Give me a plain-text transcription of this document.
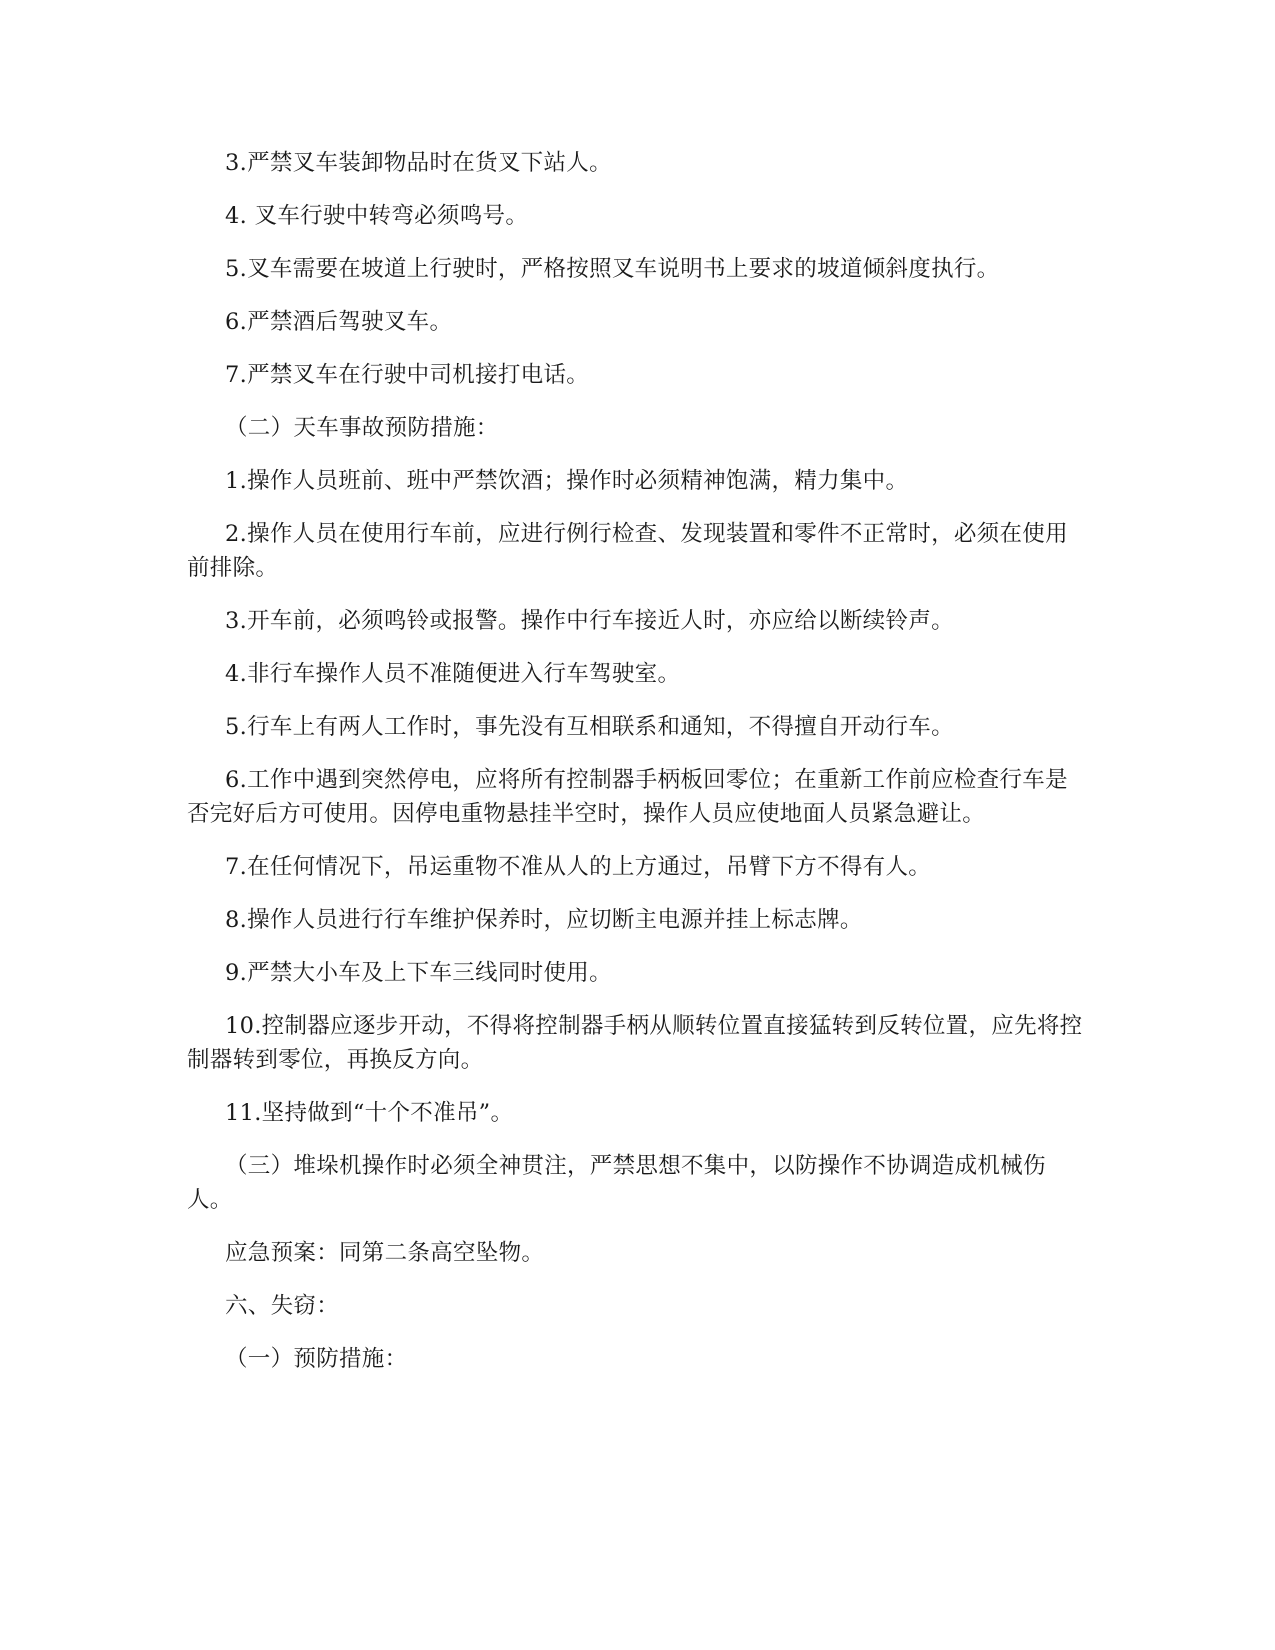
3.严禁叉车装卸物品时在货叉下站人。

4. 叉车行驶中转弯必须鸣号。

5.叉车需要在坡道上行驶时，严格按照叉车说明书上要求的坡道倾斜度执行。

6.严禁酒后驾驶叉车。

7.严禁叉车在行驶中司机接打电话。

（二）天车事故预防措施：

1.操作人员班前、班中严禁饮酒；操作时必须精神饱满，精力集中。

2.操作人员在使用行车前，应进行例行检查、发现装置和零件不正常时，必须在使用前排除。

3.开车前，必须鸣铃或报警。操作中行车接近人时，亦应给以断续铃声。

4.非行车操作人员不准随便进入行车驾驶室。

5.行车上有两人工作时，事先没有互相联系和通知，不得擅自开动行车。

6.工作中遇到突然停电，应将所有控制器手柄板回零位；在重新工作前应检查行车是否完好后方可使用。因停电重物悬挂半空时，操作人员应使地面人员紧急避让。

7.在任何情况下，吊运重物不准从人的上方通过，吊臂下方不得有人。

8.操作人员进行行车维护保养时，应切断主电源并挂上标志牌。

9.严禁大小车及上下车三线同时使用。

10.控制器应逐步开动，不得将控制器手柄从顺转位置直接猛转到反转位置，应先将控制器转到零位，再换反方向。

11.坚持做到“十个不准吊”。

（三）堆垛机操作时必须全神贯注，严禁思想不集中，以防操作不协调造成机械伤人。

应急预案：同第二条高空坠物。

六、失窃：

（一）预防措施：
